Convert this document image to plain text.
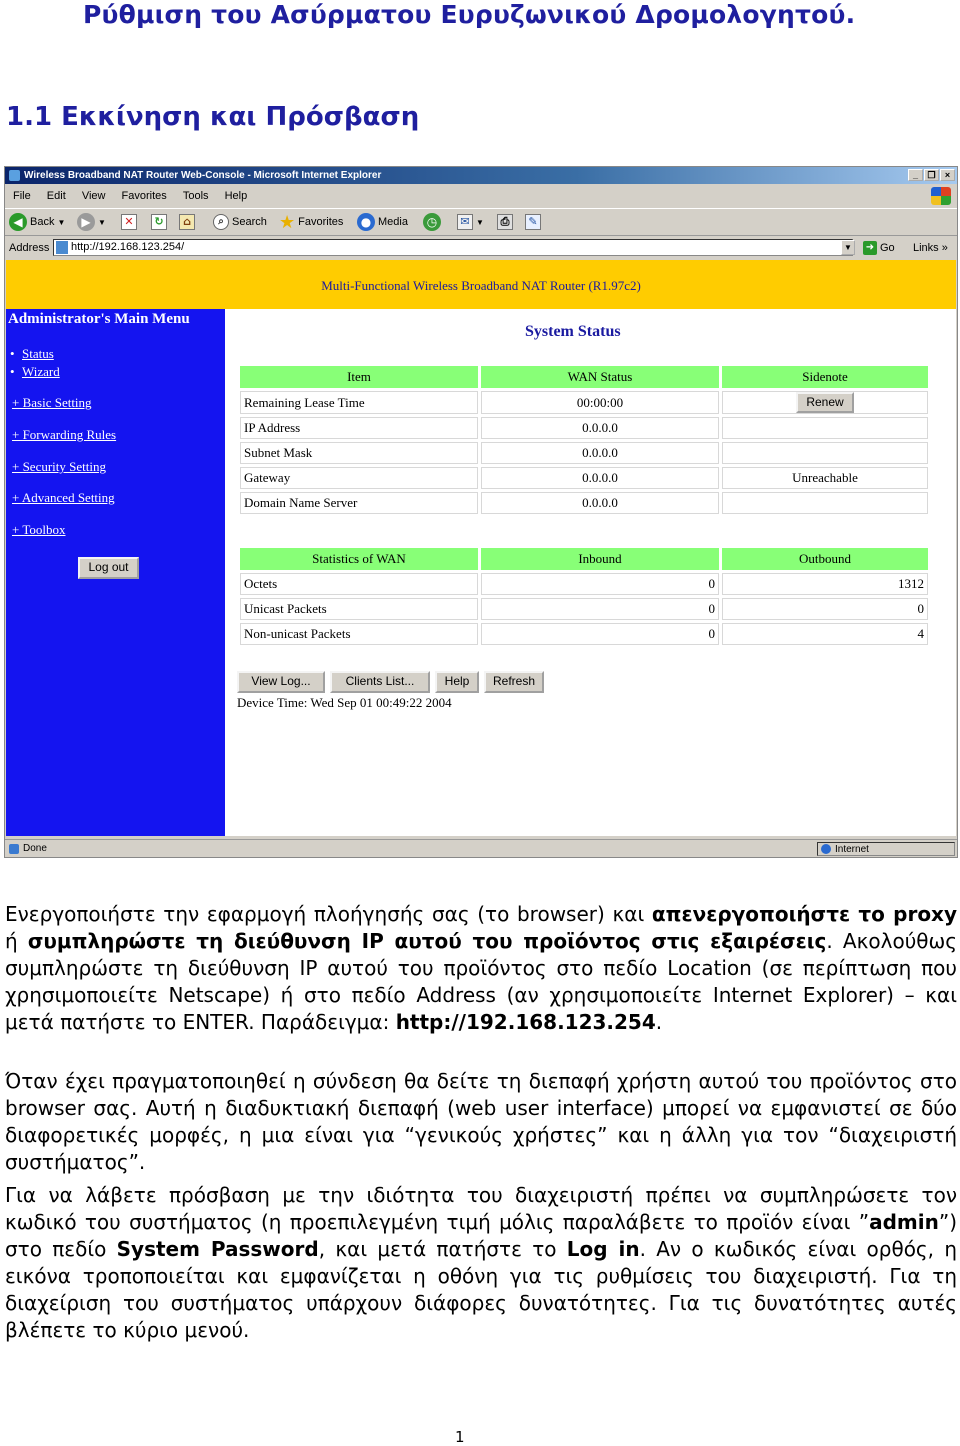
Ρύθμιση του Ασύρματου Ευρυζωνικού Δρομολογητού.
1.1 Εκκίνηση και Πρόσβαση
Wireless Broadband NAT Router Web-Console - Microsoft Internet Explorer	_	❐	×
File Edit View Favorites Tools Help
◀ Back ▼	▶ ▼	✕	↻	⌂	⌕ Search ★ Favorites	● Media	◷	✉ ▼	⎙	✎
Address	http://192.168.123.254/	▼	➜ Go Links »
Multi-Functional Wireless Broadband NAT Router (R1.97c2)
Administrator's Main Menu
• Status
• Wizard
+ Basic Setting
+ Forwarding Rules
+ Security Setting
+ Advanced Setting
+ Toolbox
Log out
System Status
Item	WAN Status	Sidenote
Remaining Lease Time	00:00:00	Renew
IP Address	0.0.0.0	
Subnet Mask	0.0.0.0	
Gateway	0.0.0.0	Unreachable
Domain Name Server	0.0.0.0	
Statistics of WAN	Inbound	Outbound
Octets	0	1312
Unicast Packets	0	0
Non-unicast Packets	0	4
View Log...	Clients List...	Help	Refresh
Device Time: Wed Sep 01 00:49:22 2004
Done	Internet
Ενεργοποιήστε την εφαρμογή πλοήγησής σας (το browser) και απενεργοποιήστε το proxy ή συμπληρώστε τη διεύθυνση IP αυτού του προϊόντος στις εξαιρέσεις. Ακολούθως συμπληρώστε τη διεύθυνση IP αυτού του προϊόντος στο πεδίο Location (σε περίπτωση που χρησιμοποιείτε Netscape) ή στο πεδίο Address (αν χρησιμοποιείτε Internet Explorer) – και μετά πατήστε το ENTER. Παράδειγμα: http://192.168.123.254.
Όταν έχει πραγματοποιηθεί η σύνδεση θα δείτε τη διεπαφή χρήστη αυτού του προϊόντος στο browser σας. Αυτή η διαδυκτιακή διεπαφή (web user interface) μπορεί να εμφανιστεί σε δύο διαφορετικές μορφές, η μια είναι για “γενικούς χρήστες” και η άλλη για τον “διαχειριστή συστήματος”.
Για να λάβετε πρόσβαση με την ιδιότητα του διαχειριστή πρέπει να συμπληρώσετε τον κωδικό του συστήματος (η προεπιλεγμένη τιμή μόλις παραλάβετε το προϊόν είναι ”admin”) στο πεδίο System Password, και μετά πατήστε το Log in. Αν ο κωδικός είναι ορθός, η εικόνα τροποποιείται και εμφανίζεται η οθόνη για τις ρυθμίσεις του διαχειριστή. Για τη διαχείριση του συστήματος υπάρχουν διάφορες δυνατότητες. Για τις δυνατότητες αυτές βλέπετε το κύριο μενού.
1
